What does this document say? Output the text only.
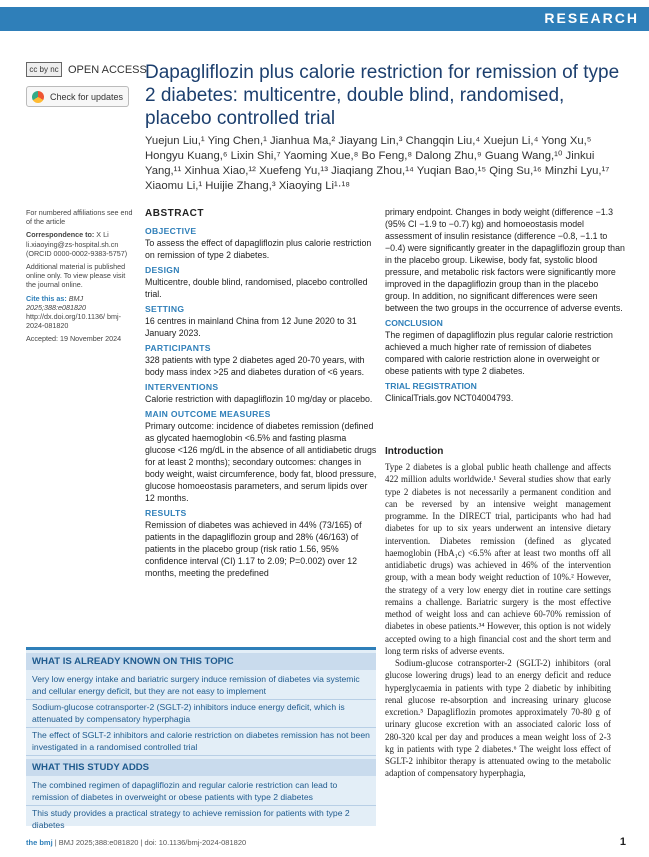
RESEARCH
cc by nc OPEN ACCESS
Check for updates
Dapagliflozin plus calorie restriction for remission of type 2 diabetes: multicentre, double blind, randomised, placebo controlled trial
Yuejun Liu,¹ Ying Chen,¹ Jianhua Ma,² Jiayang Lin,³ Changqin Liu,⁴ Xuejun Li,⁴ Yong Xu,⁵ Hongyu Kuang,⁶ Lixin Shi,⁷ Yaoming Xue,⁸ Bo Feng,⁸ Dalong Zhu,⁹ Guang Wang,¹⁰ Jinkui Yang,¹¹ Xinhua Xiao,¹² Xuefeng Yu,¹³ Jiaqiang Zhou,¹⁴ Yuqian Bao,¹⁵ Qing Su,¹⁶ Minzhi Lyu,¹⁷ Xiaomu Li,¹ Huijie Zhang,³ Xiaoying Li¹·¹⁸

For numbered affiliations see end of the article

Correspondence to: X Li
li.xiaoying@zs-hospital.sh.cn
(ORCID 0000-0002-9383-5757)

Additional material is published online only. To view please visit the journal online.

Cite this as: BMJ 2025;388:e081820
http://dx.doi.org/10.1136/ bmj-2024-081820

Accepted: 19 November 2024

ABSTRACT
OBJECTIVE

To assess the effect of dapagliflozin plus calorie restriction on remission of type 2 diabetes.

DESIGN

Multicentre, double blind, randomised, placebo controlled trial.

SETTING

16 centres in mainland China from 12 June 2020 to 31 January 2023.

PARTICIPANTS

328 patients with type 2 diabetes aged 20-70 years, with body mass index >25 and diabetes duration of <6 years.

INTERVENTIONS

Calorie restriction with dapagliflozin 10 mg/day or placebo.

MAIN OUTCOME MEASURES

Primary outcome: incidence of diabetes remission (defined as glycated haemoglobin <6.5% and fasting plasma glucose <126 mg/dL in the absence of all antidiabetic drugs for at least 2 months); secondary outcomes: changes in body weight, waist circumference, body fat, blood pressure, glucose homoeostasis parameters, and serum lipids over 12 months.

RESULTS

Remission of diabetes was achieved in 44% (73/165) of patients in the dapagliflozin group and 28% (46/163) of patients in the placebo group (risk ratio 1.56, 95% confidence interval (CI) 1.17 to 2.09; P=0.002) over 12 months, meeting the predefined

primary endpoint. Changes in body weight (difference −1.3 (95% CI −1.9 to −0.7) kg) and homoeostasis model assessment of insulin resistance (difference −0.8, −1.1 to −0.4) were significantly greater in the dapagliflozin group than in the placebo group. Likewise, body fat, systolic blood pressure, and metabolic risk factors were significantly more improved in the dapagliflozin group than in the placebo group. In addition, no significant differences were seen between the two groups in the occurrence of adverse events.

CONCLUSION

The regimen of dapagliflozin plus regular calorie restriction achieved a much higher rate of remission of diabetes compared with calorie restriction alone in overweight or obese patients with type 2 diabetes.

TRIAL REGISTRATION

ClinicalTrials.gov NCT04004793.

Introduction

Type 2 diabetes is a global public heath challenge and affects 422 million adults worldwide.¹ Several studies show that early type 2 diabetes is not necessarily a permanent condition and can be reversed by an intensive weight management programme. In the DIRECT trial, participants who had had diabetes for up to six years underwent an intensive dietary intervention. Diabetes remission (defined as glycated haemoglobin (HbA₁c) <6.5% after at least two months off all antidiabetic drugs) was achieved in 46% of the intervention group, with a mean body weight reduction of 10%.² However, the strategy of a very low energy diet in routine care settings remains a challenge. Bariatric surgery is the most effective method of weight loss and can achieve 60-70% remission of diabetes in obese patients.³⁴ However, this option is not widely accepted owing to a high financial cost and the short term and long term risks of adverse events.

Sodium-glucose cotransporter-2 (SGLT-2) inhibitors (oral glucose lowering drugs) lead to an energy deficit and reduce hyperglycaemia in patients with type 2 diabetic by inhibiting renal glucose re-absorption and increasing urinary glucose excretion.⁵ Dapagliflozin promotes approximately 70-80 g of urinary glucose excretion with an associated caloric loss of 280-320 kcal per day and produces a mean weight loss of 2-3 kg in patients with type 2 diabetes.⁶ The weight loss effect of SGLT-2 inhibitor therapy is attenuated owing to the metabolic adaption of compensatory hyperphagia,

WHAT IS ALREADY KNOWN ON THIS TOPIC
Very low energy intake and bariatric surgery induce remission of diabetes via systemic and cellular energy deficit, but they are not easy to implement
Sodium-glucose cotransporter-2 (SGLT-2) inhibitors induce energy deficit, which is attenuated by compensatory hyperphagia
The effect of SGLT-2 inhibitors and calorie restriction on diabetes remission has not been investigated in a randomised controlled trial
WHAT THIS STUDY ADDS
The combined regimen of dapagliflozin and regular calorie restriction can lead to remission of diabetes in overweight or obese patients with type 2 diabetes
This study provides a practical strategy to achieve remission for patients with type 2 diabetes
the bmj | BMJ 2025;388:e081820 | doi: 10.1136/bmj-2024-081820	1
